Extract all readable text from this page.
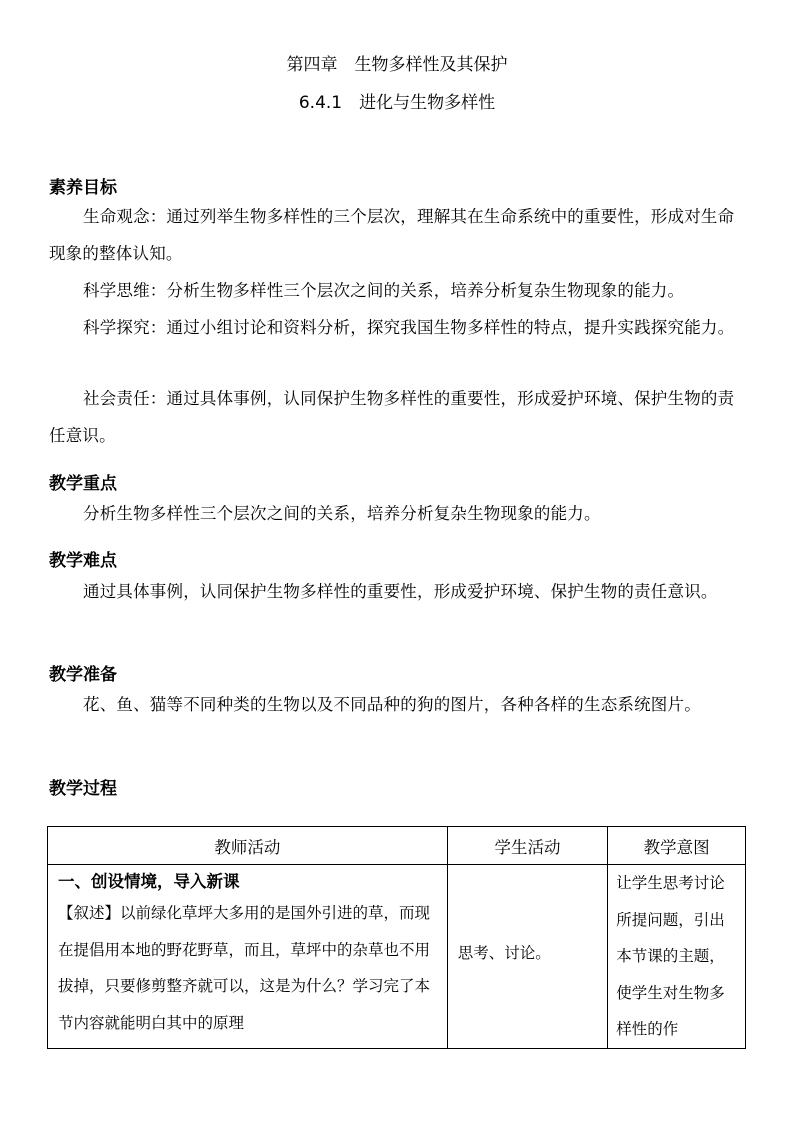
第四章　生物多样性及其保护
6.4.1　进化与生物多样性
素养目标
生命观念：通过列举生物多样性的三个层次，理解其在生命系统中的重要性，形成对生命现象的整体认知。
科学思维：分析生物多样性三个层次之间的关系，培养分析复杂生物现象的能力。
科学探究：通过小组讨论和资料分析，探究我国生物多样性的特点，提升实践探究能力。
社会责任：通过具体事例，认同保护生物多样性的重要性，形成爱护环境、保护生物的责任意识。
教学重点
分析生物多样性三个层次之间的关系，培养分析复杂生物现象的能力。
教学难点
通过具体事例，认同保护生物多样性的重要性，形成爱护环境、保护生物的责任意识。
教学准备
花、鱼、猫等不同种类的生物以及不同品种的狗的图片，各种各样的生态系统图片。
教学过程
教师活动	学生活动	教学意图

一、创设情境，导入新课
【叙述】以前绿化草坪大多用的是国外引进的草，而现在提倡用本地的野花野草，而且，草坪中的杂草也不用拔掉，只要修剪整齐就可以，这是为什么？学习完了本节内容就能明白其中的原理	思考、讨论。	让学生思考讨论所提问题，引出本节课的主题，使学生对生物多样性的作
